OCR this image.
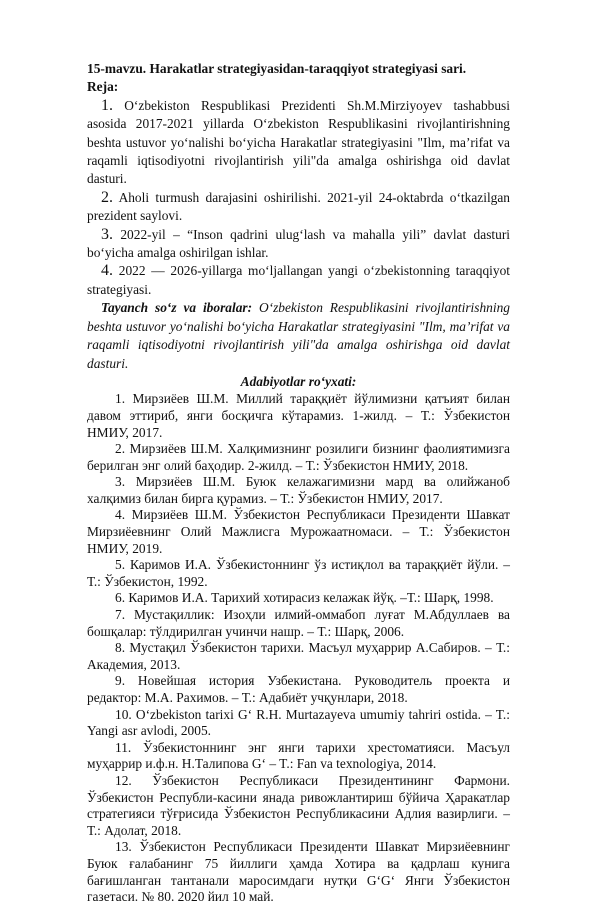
15-mavzu. Harakatlar strategiyasidan-taraqqiyot strategiyasi sari.

Reja:

1. O‘zbekiston Respublikasi Prezidenti Sh.M.Mirziyoyev tashabbusi asosida 2017-2021 yillarda O‘zbekiston Respublikasini rivojlantirishning beshta ustuvor yo‘nalishi bo‘yicha Harakatlar strategiyasini "Ilm, ma’rifat va raqamli iqtisodiyotni rivojlantirish yili"da amalga oshirishga oid davlat dasturi.

2. Aholi turmush darajasini oshirilishi. 2021-yil 24-oktabrda o‘tkazilgan prezident saylovi.

3. 2022-yil – “Inson qadrini ulug‘lash va mahalla yili” davlat dasturi bo‘yicha amalga oshirilgan ishlar.

4. 2022 — 2026-yillarga mo‘ljallangan yangi o‘zbekistonning taraqqiyot strategiyasi.

Tayanch so‘z va iboralar: O‘zbekiston Respublikasini rivojlantirishning beshta ustuvor yo‘nalishi bo‘yicha Harakatlar strategiyasini "Ilm, ma’rifat va raqamli iqtisodiyotni rivojlantirish yili"da amalga oshirishga oid davlat dasturi.

Adabiyotlar ro‘yxati:

1. Мирзиёев Ш.М. Миллий тараққиёт йўлимизни қатъият билан давом эттириб, янги босқичга кўтарамиз. 1-жилд. – Т.: Ўзбекистон НМИУ, 2017.

2. Мирзиёев Ш.М. Халқимизнинг розилиги бизнинг фаолиятимизга берилган энг олий баҳодир. 2-жилд. – Т.: Ўзбекистон НМИУ, 2018.

3. Мирзиёев Ш.М. Буюк келажагимизни мард ва олийжаноб халқимиз билан бирга қурамиз. – Т.: Ўзбекистон НМИУ, 2017.

4. Мирзиёев Ш.М. Ўзбекистон Республикаси Президенти Шавкат Мирзиёевнинг Олий Мажлисга Мурожаатномаси. – Т.: Ўзбекистон НМИУ, 2019.

5. Каримов И.А. Ўзбекистоннинг ўз истиқлол ва тараққиёт йўли. – Т.: Ўзбекистон, 1992.

6. Каримов И.А. Тарихий хотирасиз келажак йўқ. –Т.: Шарқ, 1998.

7. Мустақиллик: Изоҳли илмий-оммабоп луғат М.Абдуллаев ва бошқалар: тўлдирилган учинчи нашр. – Т.: Шарқ, 2006.

8. Мустақил Ўзбекистон тарихи. Масъул муҳаррир А.Сабиров. – Т.: Академия, 2013.

9. Новейшая история Узбекистана. Руководитель проекта и редактор: М.А. Рахимов. – Т.: Адабиёт учқунлари, 2018.

10. O‘zbekiston tarixi G‘ R.H. Murtazayeva umumiy tahriri ostida. – T.: Yangi asr avlodi, 2005.

11. Ўзбекистоннинг энг янги тарихи хрестоматияси. Масъул муҳаррир и.ф.н. Н.Талипова G‘ – T.: Fan va texnologiya, 2014.

12. Ўзбекистон Республикаси Президентининг Фармони. Ўзбекистон Республи-касини янада ривожлантириш бўйича Ҳаракатлар стратегияси тўғрисида Ўзбекистон Республикасини Адлия вазирлиги. – Т.: Адолат, 2018.

13. Ўзбекистон Республикаси Президенти Шавкат Мирзиёевнинг Буюк ғалабанинг 75 йиллиги ҳамда Хотира ва қадрлаш кунига бағишланган тантанали маросимдаги нутқи G‘G‘ Янги Ўзбекистон газетаси. № 80. 2020 йил 10 май.
